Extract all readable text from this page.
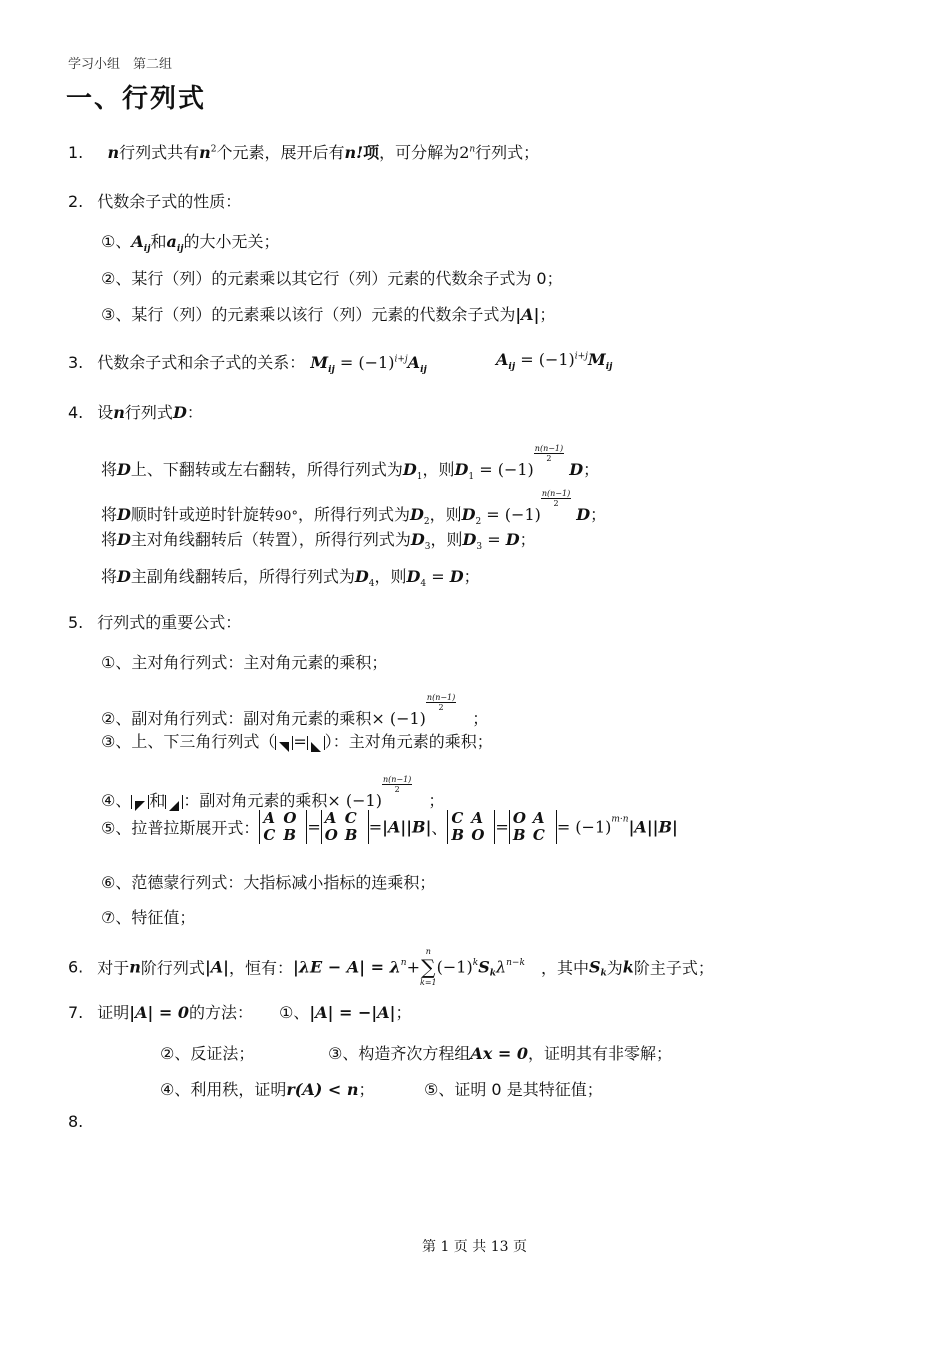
学习小组　第二组
一、行列式
1. n行列式共有$n^2$个元素，展开后有n!项，可分解为2$^n$行列式；
2. 代数余子式的性质：
①、$A_{ij}$和$a_{ij}$的大小无关；
②、某行（列）的元素乘以其它行（列）元素的代数余子式为 0；
③、某行（列）的元素乘以该行（列）元素的代数余子式为|A|；
3. 代数余子式和余子式的关系： $M_{ij} = (-1)^{i+j}A_{ij}$
$A_{ij} = (-1)^{i+j}M_{ij}$
4. 设n行列式D：
将D上、下翻转或左右翻转，所得行列式为$D_1$，则$D_1 = (-1)$
$\frac{n(n-1)}{2}$
D；
将D顺时针或逆时针旋转90°，所得行列式为$D_2$，则$D_2 = (-1)$
$\frac{n(n-1)}{2}$
D；
将D主对角线翻转后（转置），所得行列式为$D_3$，则$D_3 = D$；
将D主副角线翻转后，所得行列式为$D_4$，则$D_4 = D$；
5. 行列式的重要公式：
①、主对角行列式：主对角元素的乘积；
②、副对角行列式：副对角元素的乘积× (−1)
$\frac{n(n-1)}{2}$
　；
③、上、下三角行列式（ = ）：主对角元素的乘积；
④、 和 ：副对角元素的乘积× (−1)
$\frac{n(n-1)}{2}$
　；
⑤、拉普拉斯展开式：A O
C B = A C
O B =|A||B|、C A
B O = O A
B $C = (-1)^{m\cdot n}|A||B|$
⑥、范德蒙行列式：大指标减小指标的连乘积；
⑦、特征值；
6. 对于n阶行列式|A|，恒有：$|\lambda E - A| = \lambda^n+$
n
∑
k=1
$(-1)^kS_k\lambda^{n-k}$　 ，其中$S_k$为k阶主子式；
7. 证明|A| = 0的方法： ①、|A| = −|A|；
②、反证法；	③、构造齐次方程组Ax = 0，证明其有非零解；
④、利用秩，证明r(A) < n；	⑤、证明 0 是其特征值；
8.
第 1 页 共 13 页
